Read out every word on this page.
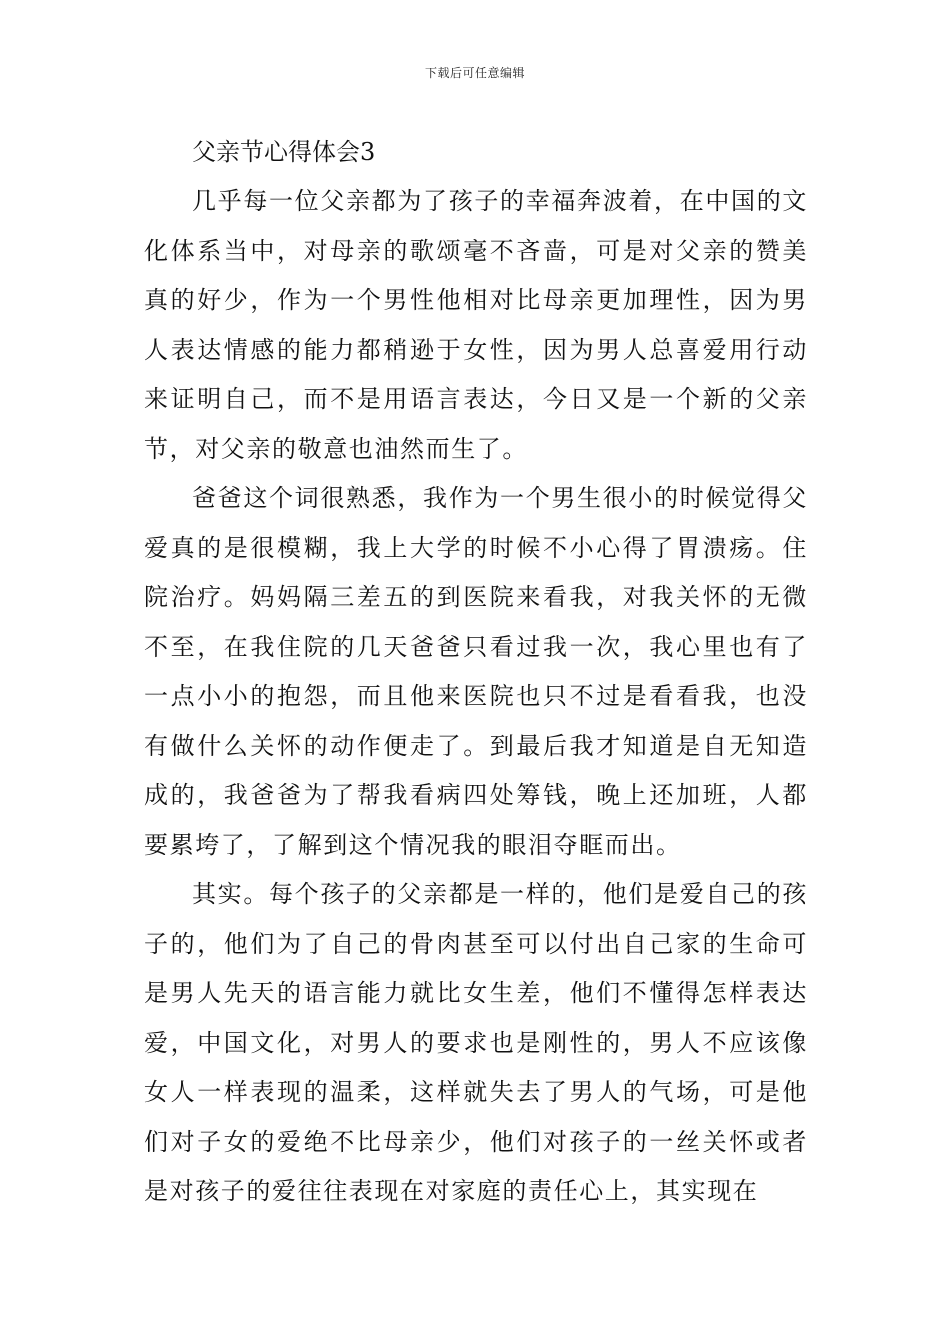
下载后可任意编辑
父亲节心得体会3

几乎每一位父亲都为了孩子的幸福奔波着，在中国的文化体系当中，对母亲的歌颂毫不吝啬，可是对父亲的赞美真的好少，作为一个男性他相对比母亲更加理性，因为男人表达情感的能力都稍逊于女性，因为男人总喜爱用行动来证明自己，而不是用语言表达，今日又是一个新的父亲节，对父亲的敬意也油然而生了。

爸爸这个词很熟悉，我作为一个男生很小的时候觉得父爱真的是很模糊，我上大学的时候不小心得了胃溃疡。住院治疗。妈妈隔三差五的到医院来看我，对我关怀的无微不至，在我住院的几天爸爸只看过我一次，我心里也有了一点小小的抱怨，而且他来医院也只不过是看看我，也没有做什么关怀的动作便走了。到最后我才知道是自无知造成的，我爸爸为了帮我看病四处筹钱，晚上还加班，人都要累垮了，了解到这个情况我的眼泪夺眶而出。

其实。每个孩子的父亲都是一样的，他们是爱自己的孩子的，他们为了自己的骨肉甚至可以付出自己家的生命可是男人先天的语言能力就比女生差，他们不懂得怎样表达爱，中国文化，对男人的要求也是刚性的，男人不应该像女人一样表现的温柔，这样就失去了男人的气场，可是他们对子女的爱绝不比母亲少，他们对孩子的一丝关怀或者是对孩子的爱往往表现在对家庭的责任心上，其实现在
